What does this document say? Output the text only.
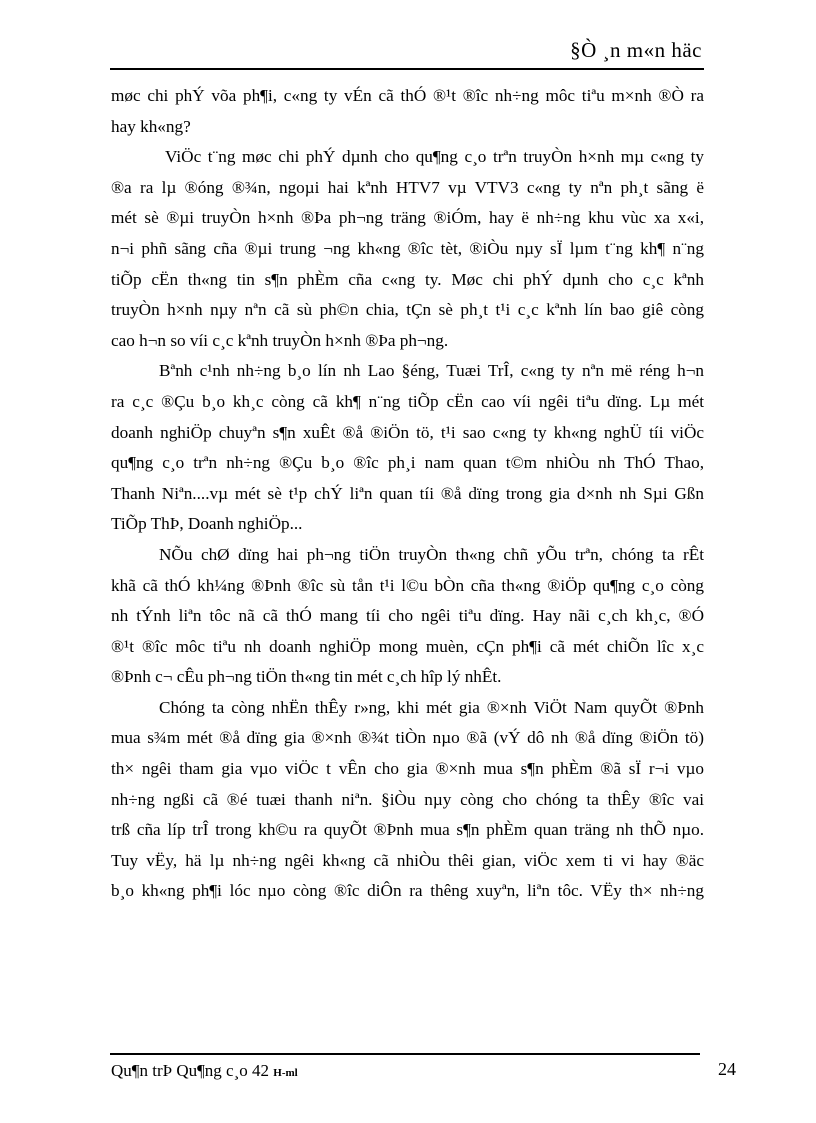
§Ò ¸n m«n häc

møc chi phÝ võa ph¶i, c«ng ty vÉn cã thÓ ®¹t ®îc nh÷ng môc tiªu m×nh ®Ò ra
hay kh«ng?

ViÖc t¨ng møc chi phÝ dµnh cho qu¶ng c¸o trªn truyÒn h×nh mµ c«ng ty
®a ra lµ ®óng ®¾n, ngoµi hai kªnh HTV7 vµ VTV3 c«ng ty nªn ph¸t sãng ë
mét sè ®µi truyÒn h×nh ®Þa ph¬ng träng ®iÓm, hay ë nh÷ng khu vùc xa x«i,
n¬i phñ sãng cña ®µi trung ¬ng kh«ng ®îc tèt, ®iÒu nµy sÏ lµm t¨ng kh¶ n¨ng
tiÕp cËn th«ng tin s¶n phÈm cña c«ng ty. Møc chi phÝ dµnh cho c¸c kªnh
truyÒn h×nh nµy nªn cã sù ph©n chia, tÇn sè ph¸t t¹i c¸c kªnh lín bao giê còng
cao h¬n so víi c¸c kªnh truyÒn h×nh ®Þa ph¬ng.

Bªnh c¹nh nh÷ng b¸o lín nh Lao §éng, Tuæi TrÎ, c«ng ty nªn më réng h¬n
ra c¸c ®Çu b¸o kh¸c còng cã kh¶ n¨ng tiÕp cËn cao víi ngêi tiªu dïng. Lµ mét
doanh nghiÖp chuyªn s¶n xuÊt ®å ®iÖn tö, t¹i sao c«ng ty kh«ng nghÜ tíi viÖc
qu¶ng c¸o trªn nh÷ng ®Çu b¸o ®îc ph¸i nam quan t©m nhiÒu nh ThÓ Thao,
Thanh Niªn....vµ mét sè t¹p chÝ liªn quan tíi ®å dïng trong gia d×nh nh Sµi Gßn
TiÕp ThÞ, Doanh nghiÖp...

NÕu chØ dïng hai ph¬ng tiÖn truyÒn th«ng chñ yÕu trªn, chóng ta rÊt
khã cã thÓ kh¼ng ®Þnh ®îc sù tån t¹i l©u bÒn cña th«ng ®iÖp qu¶ng c¸o còng
nh tÝnh liªn tôc nã cã thÓ mang tíi cho ngêi tiªu dïng. Hay nãi c¸ch kh¸c, ®Ó
®¹t ®îc môc tiªu nh doanh nghiÖp mong muèn, cÇn ph¶i cã mét chiÕn lîc x¸c
®Þnh c¬ cÊu ph¬ng tiÖn th«ng tin mét c¸ch hîp lý nhÊt.

Chóng ta còng nhËn thÊy r»ng, khi mét gia ®×nh ViÖt Nam quyÕt ®Þnh
mua s¾m mét ®å dïng gia ®×nh ®¾t tiÒn nµo ®ã (vÝ dô nh ®å dïng ®iÖn tö)
th× ngêi tham gia vµo viÖc t vÊn cho gia ®×nh mua s¶n phÈm ®ã sÏ r¬i vµo
nh÷ng ngßi cã ®é tuæi thanh niªn. §iÒu nµy còng cho chóng ta thÊy ®îc vai
trß cña líp trÎ trong kh©u ra quyÕt ®Þnh mua s¶n phÈm quan träng nh thÕ nµo.
Tuy vËy, hä lµ nh÷ng ngêi kh«ng cã nhiÒu thêi gian, viÖc xem ti vi hay ®äc
b¸o kh«ng ph¶i lóc nµo còng ®îc diÔn ra thêng xuyªn, liªn tôc. VËy th× nh÷ng

Qu¶n trÞ Qu¶ng c¸o 42 H-ml	24
